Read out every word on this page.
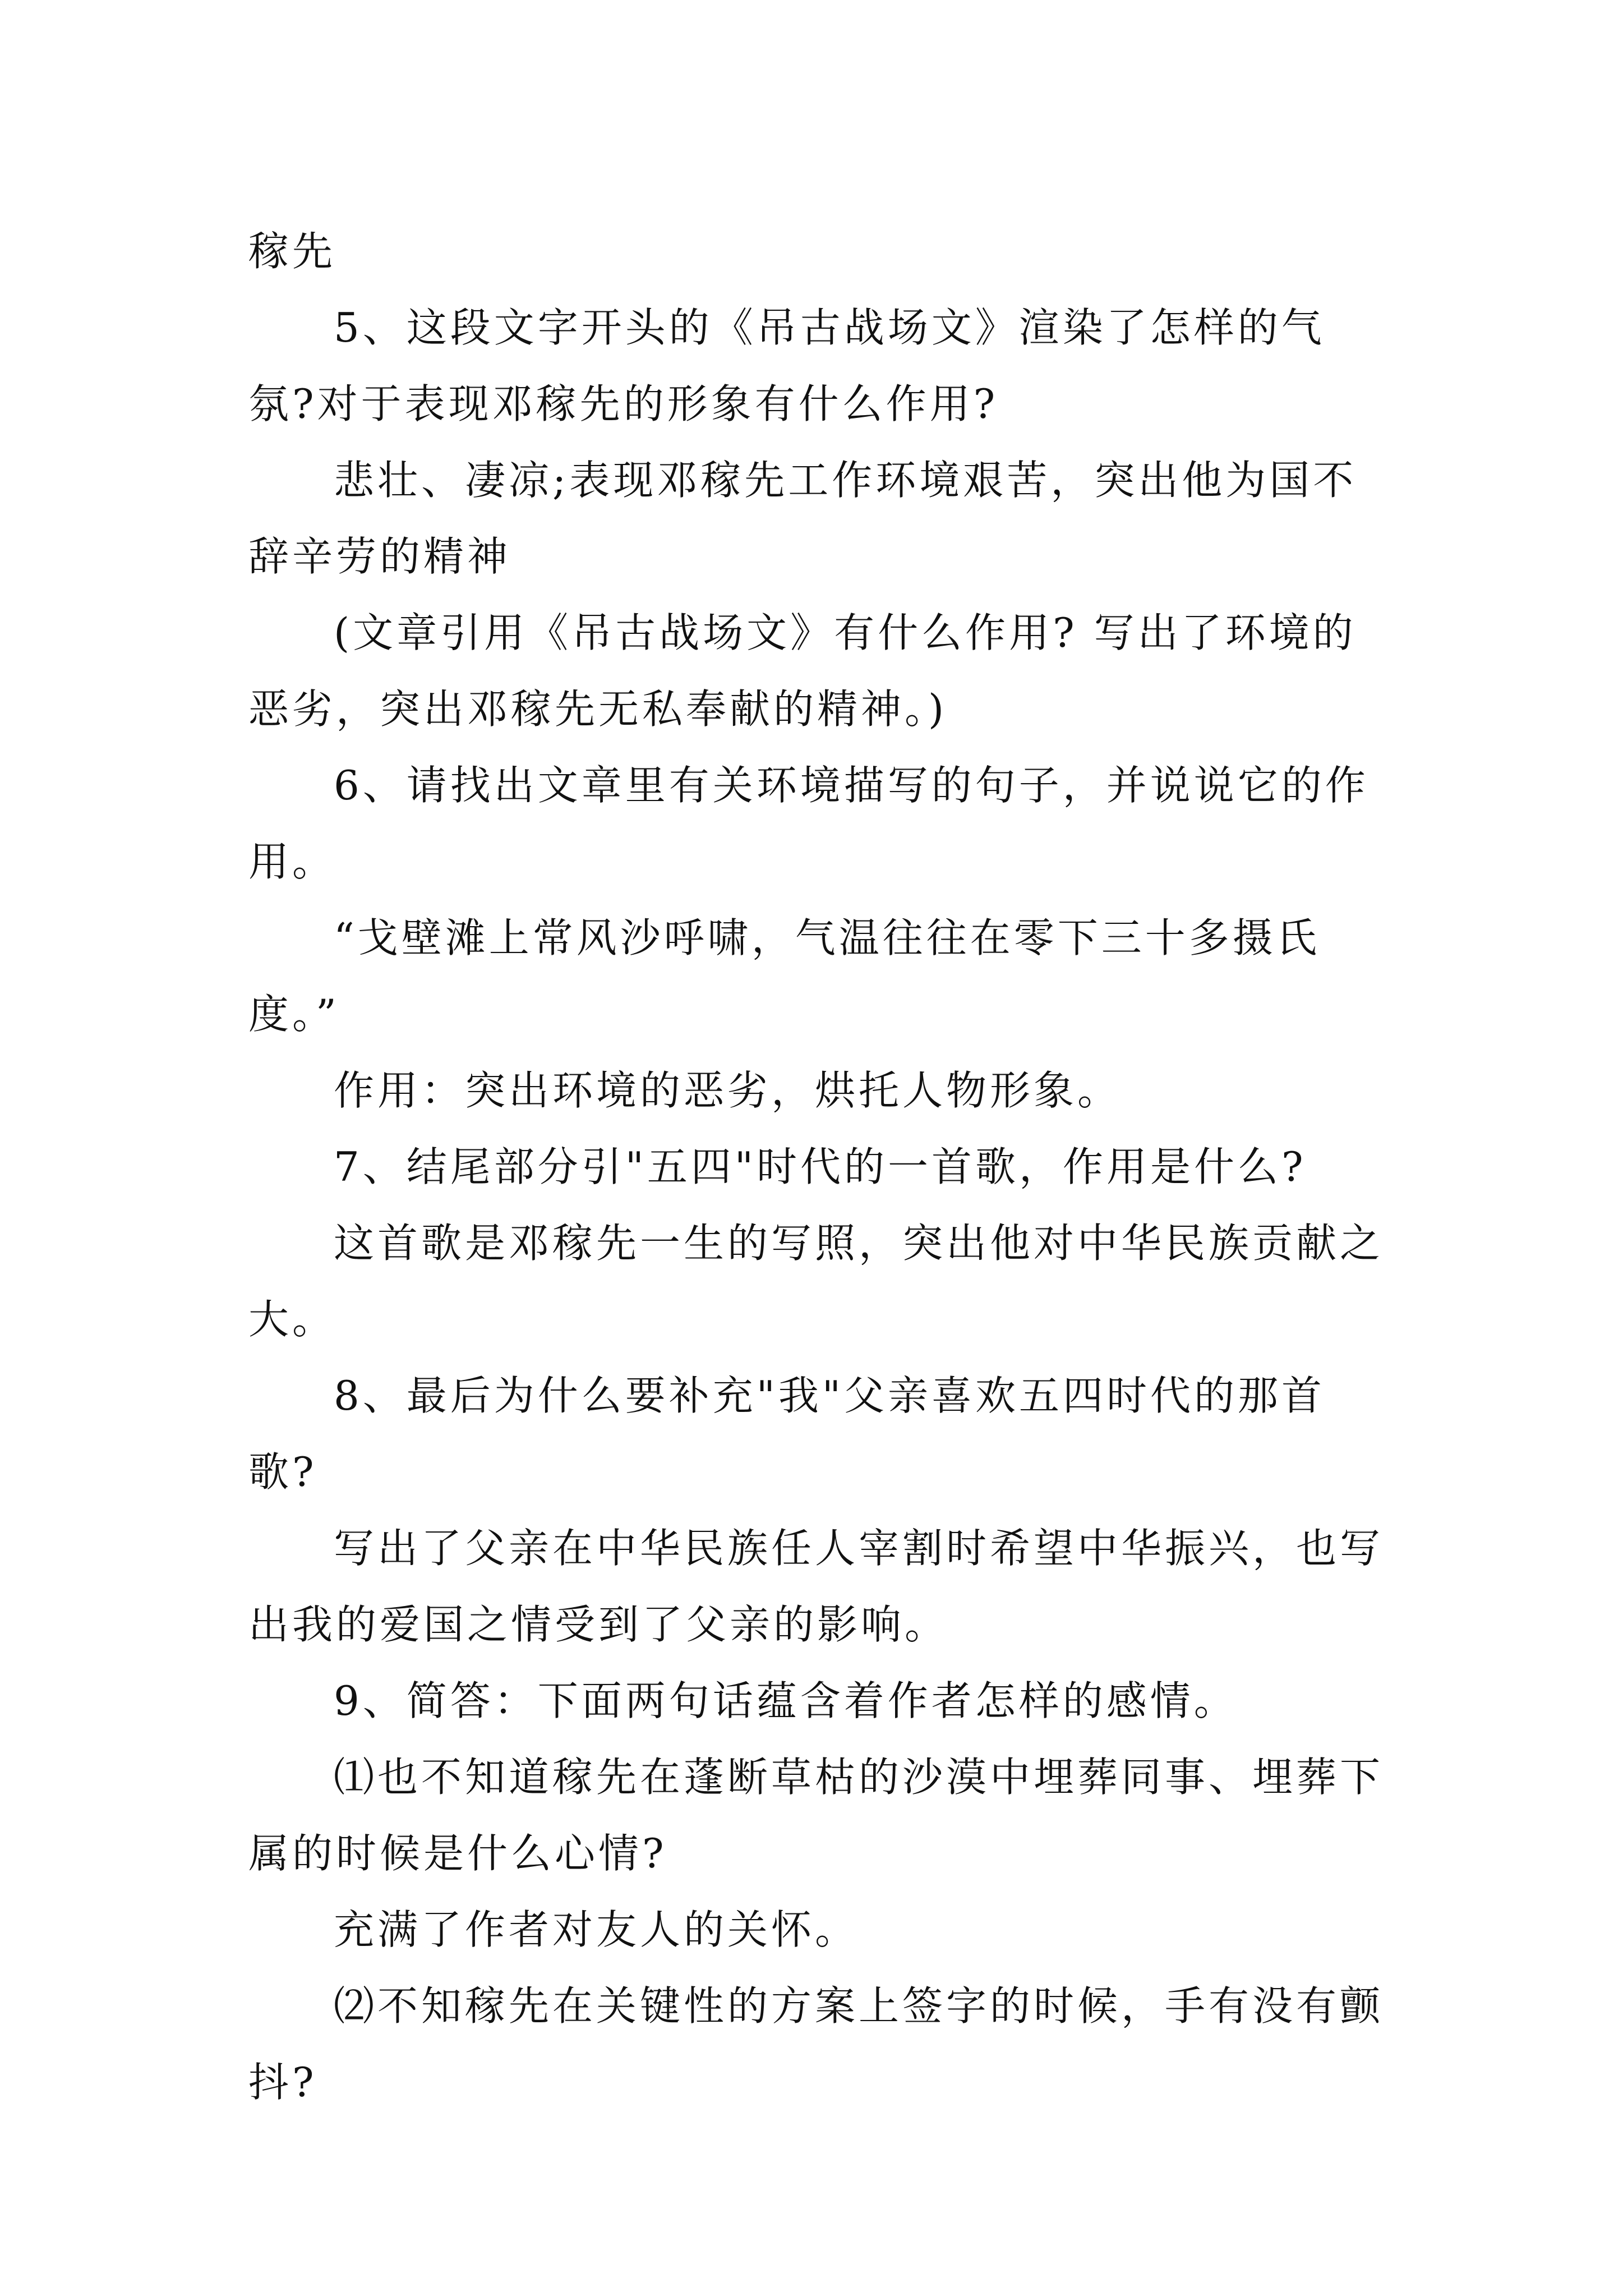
稼先

5、这段文字开头的《吊古战场文》渲染了怎样的气氛?对于表现邓稼先的形象有什么作用?

悲壮、凄凉;表现邓稼先工作环境艰苦，突出他为国不辞辛劳的精神

(文章引用《吊古战场文》有什么作用? 写出了环境的恶劣，突出邓稼先无私奉献的精神。)

6、请找出文章里有关环境描写的句子，并说说它的作用。

“戈壁滩上常风沙呼啸，气温往往在零下三十多摄氏度。”

作用：突出环境的恶劣，烘托人物形象。

7、结尾部分引"五四"时代的一首歌，作用是什么?

这首歌是邓稼先一生的写照，突出他对中华民族贡献之大。

8、最后为什么要补充"我"父亲喜欢五四时代的那首歌?

写出了父亲在中华民族任人宰割时希望中华振兴，也写出我的爱国之情受到了父亲的影响。

9、简答：下面两句话蕴含着作者怎样的感情。

⑴也不知道稼先在蓬断草枯的沙漠中埋葬同事、埋葬下属的时候是什么心情?

充满了作者对友人的关怀。

⑵不知稼先在关键性的方案上签字的时候，手有没有颤抖?
